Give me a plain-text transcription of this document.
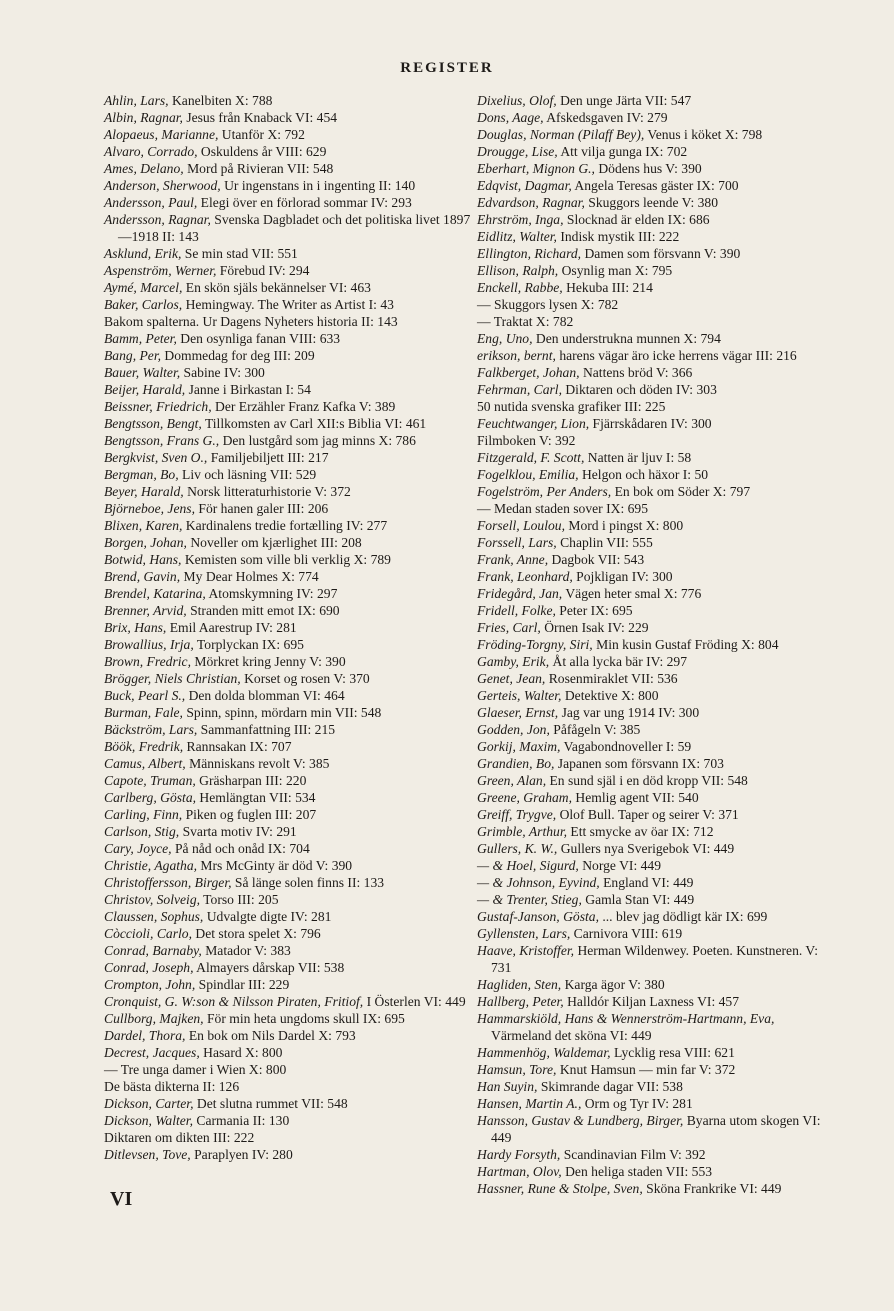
REGISTER

Ahlin, Lars, Kanelbiten X: 788

Albin, Ragnar, Jesus från Knaback VI: 454

Alopaeus, Marianne, Utanför X: 792

Alvaro, Corrado, Oskuldens år VIII: 629

Ames, Delano, Mord på Rivieran VII: 548

Anderson, Sherwood, Ur ingenstans in i ingenting II: 140

Andersson, Paul, Elegi över en förlorad sommar IV: 293

Andersson, Ragnar, Svenska Dagbladet och det politiska livet 1897—1918 II: 143

Asklund, Erik, Se min stad VII: 551

Aspenström, Werner, Förebud IV: 294

Aymé, Marcel, En skön själs bekännelser VI: 463

Baker, Carlos, Hemingway. The Writer as Artist I: 43

Bakom spalterna. Ur Dagens Nyheters historia II: 143

Bamm, Peter, Den osynliga fanan VIII: 633

Bang, Per, Dommedag for deg III: 209

Bauer, Walter, Sabine IV: 300

Beijer, Harald, Janne i Birkastan I: 54

Beissner, Friedrich, Der Erzähler Franz Kafka V: 389

Bengtsson, Bengt, Tillkomsten av Carl XII:s Biblia VI: 461

Bengtsson, Frans G., Den lustgård som jag minns X: 786

Bergkvist, Sven O., Familjebiljett III: 217

Bergman, Bo, Liv och läsning VII: 529

Beyer, Harald, Norsk litteraturhistorie V: 372

Björneboe, Jens, För hanen galer III: 206

Blixen, Karen, Kardinalens tredie fortælling IV: 277

Borgen, Johan, Noveller om kjærlighet III: 208

Botwid, Hans, Kemisten som ville bli verklig X: 789

Brend, Gavin, My Dear Holmes X: 774

Brendel, Katarina, Atomskymning IV: 297

Brenner, Arvid, Stranden mitt emot IX: 690

Brix, Hans, Emil Aarestrup IV: 281

Browallius, Irja, Torplyckan IX: 695

Brown, Fredric, Mörkret kring Jenny V: 390

Brögger, Niels Christian, Korset og rosen V: 370

Buck, Pearl S., Den dolda blomman VI: 464

Burman, Fale, Spinn, spinn, mördarn min VII: 548

Bäckström, Lars, Sammanfattning III: 215

Böök, Fredrik, Rannsakan IX: 707

Camus, Albert, Människans revolt V: 385

Capote, Truman, Gräsharpan III: 220

Carlberg, Gösta, Hemlängtan VII: 534

Carling, Finn, Piken og fuglen III: 207

Carlson, Stig, Svarta motiv IV: 291

Cary, Joyce, På nåd och onåd IX: 704

Christie, Agatha, Mrs McGinty är död V: 390

Christoffersson, Birger, Så länge solen finns II: 133

Christov, Solveig, Torso III: 205

Claussen, Sophus, Udvalgte digte IV: 281

Còccioli, Carlo, Det stora spelet X: 796

Conrad, Barnaby, Matador V: 383

Conrad, Joseph, Almayers dårskap VII: 538

Crompton, John, Spindlar III: 229

Cronquist, G. W:son & Nilsson Piraten, Fritiof, I Österlen VI: 449

Cullborg, Majken, För min heta ungdoms skull IX: 695

Dardel, Thora, En bok om Nils Dardel X: 793

Decrest, Jacques, Hasard X: 800

— Tre unga damer i Wien X: 800

De bästa dikterna II: 126

Dickson, Carter, Det slutna rummet VII: 548

Dickson, Walter, Carmania II: 130

Diktaren om dikten III: 222

Ditlevsen, Tove, Paraplyen IV: 280

Dixelius, Olof, Den unge Järta VII: 547

Dons, Aage, Afskedsgaven IV: 279

Douglas, Norman (Pilaff Bey), Venus i köket X: 798

Drougge, Lise, Att vilja gunga IX: 702

Eberhart, Mignon G., Dödens hus V: 390

Edqvist, Dagmar, Angela Teresas gäster IX: 700

Edvardson, Ragnar, Skuggors leende V: 380

Ehrström, Inga, Slocknad är elden IX: 686

Eidlitz, Walter, Indisk mystik III: 222

Ellington, Richard, Damen som försvann V: 390

Ellison, Ralph, Osynlig man X: 795

Enckell, Rabbe, Hekuba III: 214

— Skuggors lysen X: 782

— Traktat X: 782

Eng, Uno, Den understrukna munnen X: 794

erikson, bernt, harens vägar äro icke herrens vägar III: 216

Falkberget, Johan, Nattens bröd V: 366

Fehrman, Carl, Diktaren och döden IV: 303

50 nutida svenska grafiker III: 225

Feuchtwanger, Lion, Fjärrskådaren IV: 300

Filmboken V: 392

Fitzgerald, F. Scott, Natten är ljuv I: 58

Fogelklou, Emilia, Helgon och häxor I: 50

Fogelström, Per Anders, En bok om Söder X: 797

— Medan staden sover IX: 695

Forsell, Loulou, Mord i pingst X: 800

Forssell, Lars, Chaplin VII: 555

Frank, Anne, Dagbok VII: 543

Frank, Leonhard, Pojkligan IV: 300

Fridegård, Jan, Vägen heter smal X: 776

Fridell, Folke, Peter IX: 695

Fries, Carl, Örnen Isak IV: 229

Fröding-Torgny, Siri, Min kusin Gustaf Fröding X: 804

Gamby, Erik, Åt alla lycka bär IV: 297

Genet, Jean, Rosenmiraklet VII: 536

Gerteis, Walter, Detektive X: 800

Glaeser, Ernst, Jag var ung 1914 IV: 300

Godden, Jon, Påfågeln V: 385

Gorkij, Maxim, Vagabondnoveller I: 59

Grandien, Bo, Japanen som försvann IX: 703

Green, Alan, En sund själ i en död kropp VII: 548

Greene, Graham, Hemlig agent VII: 540

Greiff, Trygve, Olof Bull. Taper og seirer V: 371

Grimble, Arthur, Ett smycke av öar IX: 712

Gullers, K. W., Gullers nya Sverigebok VI: 449

— & Hoel, Sigurd, Norge VI: 449

— & Johnson, Eyvind, England VI: 449

— & Trenter, Stieg, Gamla Stan VI: 449

Gustaf-Janson, Gösta, ... blev jag dödligt kär IX: 699

Gyllensten, Lars, Carnivora VIII: 619

Haave, Kristoffer, Herman Wildenwey. Poeten. Kunstneren. V: 731

Hagliden, Sten, Karga ägor V: 380

Hallberg, Peter, Halldór Kiljan Laxness VI: 457

Hammarskiöld, Hans & Wennerström-Hartmann, Eva, Värmeland det sköna VI: 449

Hammenhög, Waldemar, Lycklig resa VIII: 621

Hamsun, Tore, Knut Hamsun — min far V: 372

Han Suyin, Skimrande dagar VII: 538

Hansen, Martin A., Orm og Tyr IV: 281

Hansson, Gustav & Lundberg, Birger, Byarna utom skogen VI: 449

Hardy Forsyth, Scandinavian Film V: 392

Hartman, Olov, Den heliga staden VII: 553

Hassner, Rune & Stolpe, Sven, Sköna Frankrike VI: 449

VI
